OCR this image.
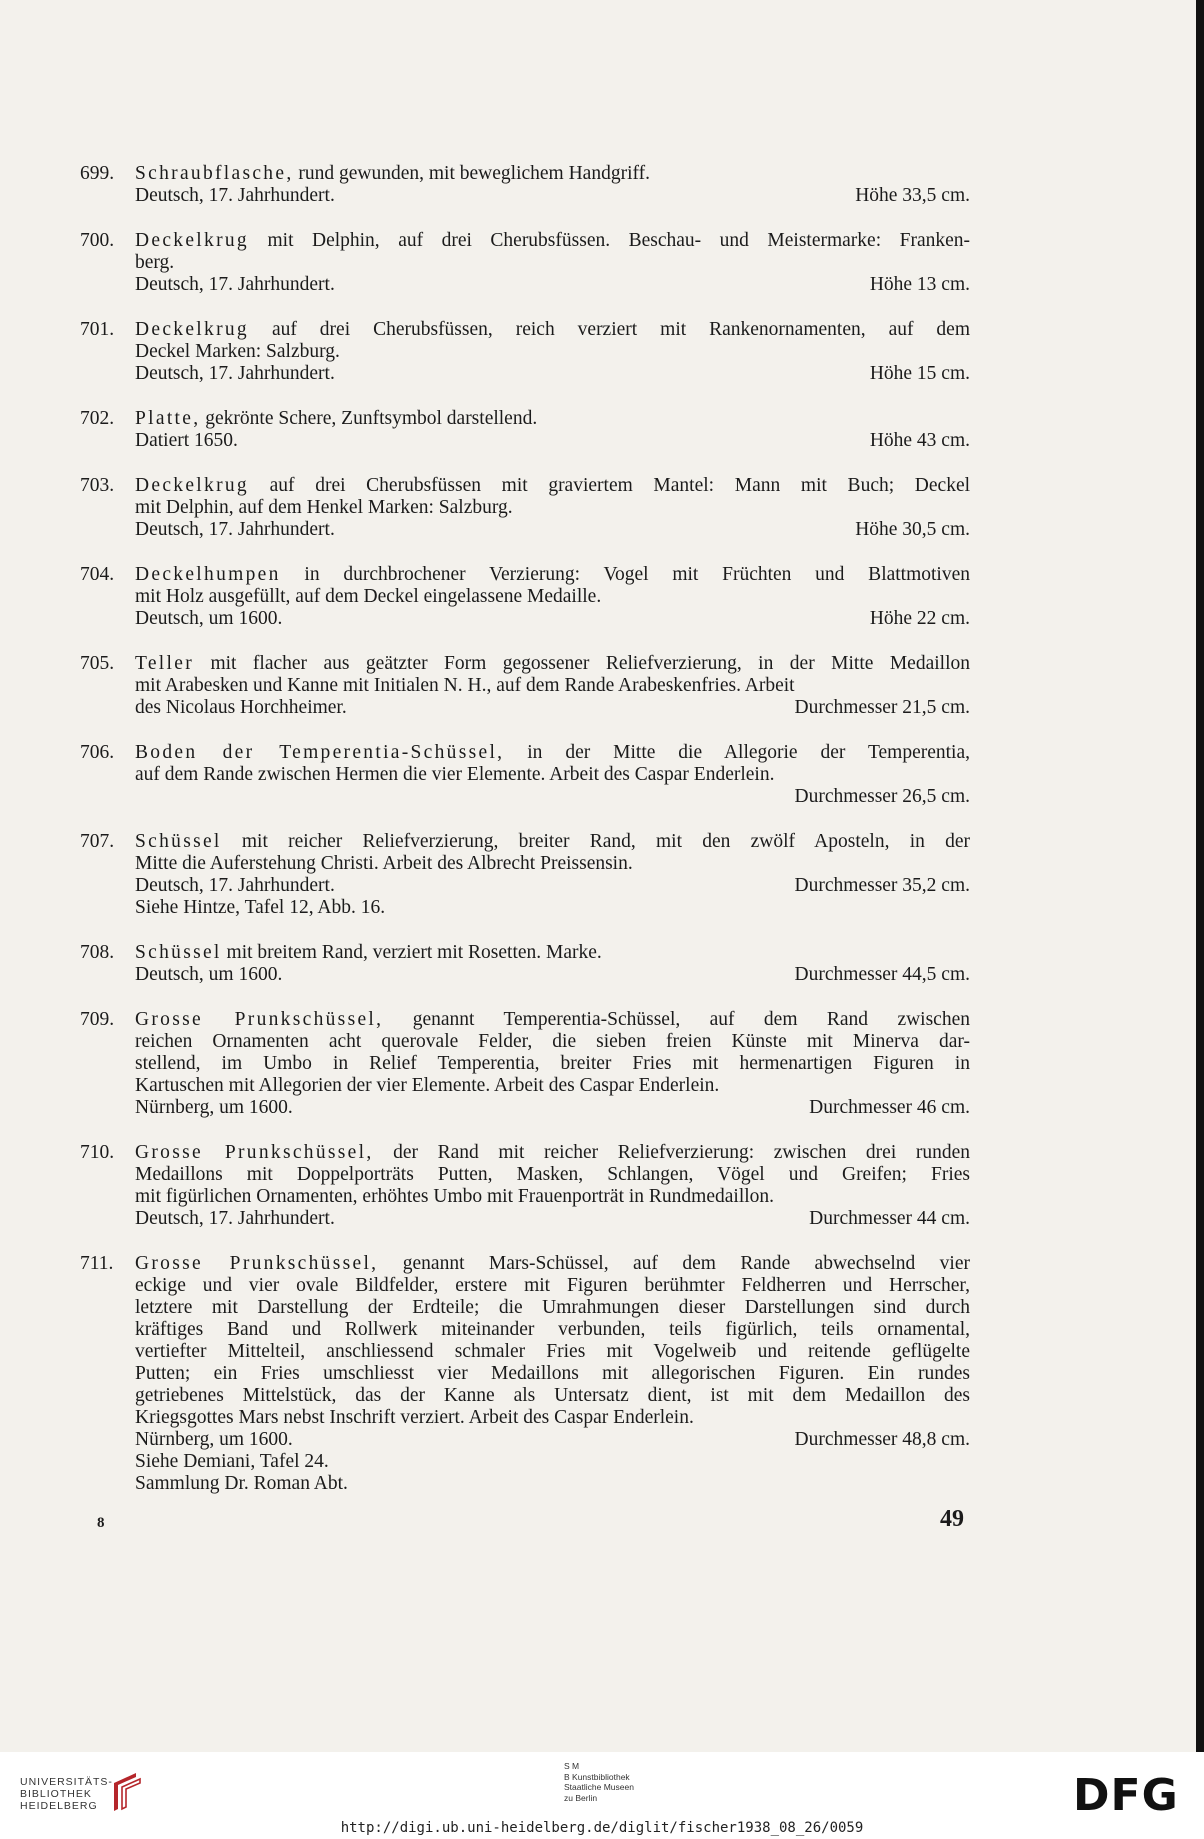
699.	Schraubflasche, rund gewunden, mit beweglichem Handgriff.
Deutsch, 17. Jahrhundert.	Höhe 33,5 cm.
700.	Deckelkrug mit Delphin, auf drei Cherubsfüssen. Beschau- und Meistermarke: Franken-
berg.
Deutsch, 17. Jahrhundert.	Höhe 13 cm.
701.	Deckelkrug auf drei Cherubsfüssen, reich verziert mit Rankenornamenten, auf dem
Deckel Marken: Salzburg.
Deutsch, 17. Jahrhundert.	Höhe 15 cm.
702.	Platte, gekrönte Schere, Zunftsymbol darstellend.
Datiert 1650.	Höhe 43 cm.
703.	Deckelkrug auf drei Cherubsfüssen mit graviertem Mantel: Mann mit Buch; Deckel
mit Delphin, auf dem Henkel Marken: Salzburg.
Deutsch, 17. Jahrhundert.	Höhe 30,5 cm.
704.	Deckelhumpen in durchbrochener Verzierung: Vogel mit Früchten und Blattmotiven
mit Holz ausgefüllt, auf dem Deckel eingelassene Medaille.
Deutsch, um 1600.	Höhe 22 cm.
705.	Teller mit flacher aus geätzter Form gegossener Reliefverzierung, in der Mitte Medaillon
mit Arabesken und Kanne mit Initialen N. H., auf dem Rande Arabeskenfries. Arbeit
des Nicolaus Horchheimer.	Durchmesser 21,5 cm.
706.	Boden der Temperentia-Schüssel, in der Mitte die Allegorie der Temperentia,
auf dem Rande zwischen Hermen die vier Elemente. Arbeit des Caspar Enderlein.
Durchmesser 26,5 cm.
707.	Schüssel mit reicher Reliefverzierung, breiter Rand, mit den zwölf Aposteln, in der
Mitte die Auferstehung Christi. Arbeit des Albrecht Preissensin.
Deutsch, 17. Jahrhundert.	Durchmesser 35,2 cm.
Siehe Hintze, Tafel 12, Abb. 16.
708.	Schüssel mit breitem Rand, verziert mit Rosetten. Marke.
Deutsch, um 1600.	Durchmesser 44,5 cm.
709.	Grosse Prunkschüssel, genannt Temperentia-Schüssel, auf dem Rand zwischen
reichen Ornamenten acht querovale Felder, die sieben freien Künste mit Minerva dar-
stellend, im Umbo in Relief Temperentia, breiter Fries mit hermenartigen Figuren in
Kartuschen mit Allegorien der vier Elemente. Arbeit des Caspar Enderlein.
Nürnberg, um 1600.	Durchmesser 46 cm.
710.	Grosse Prunkschüssel, der Rand mit reicher Reliefverzierung: zwischen drei runden
Medaillons mit Doppelporträts Putten, Masken, Schlangen, Vögel und Greifen; Fries
mit figürlichen Ornamenten, erhöhtes Umbo mit Frauenporträt in Rundmedaillon.
Deutsch, 17. Jahrhundert.	Durchmesser 44 cm.
711.	Grosse Prunkschüssel, genannt Mars-Schüssel, auf dem Rande abwechselnd vier
eckige und vier ovale Bildfelder, erstere mit Figuren berühmter Feldherren und Herrscher,
letztere mit Darstellung der Erdteile; die Umrahmungen dieser Darstellungen sind durch
kräftiges Band und Rollwerk miteinander verbunden, teils figürlich, teils ornamental,
vertiefter Mittelteil, anschliessend schmaler Fries mit Vogelweib und reitende geflügelte
Putten; ein Fries umschliesst vier Medaillons mit allegorischen Figuren. Ein rundes
getriebenes Mittelstück, das der Kanne als Untersatz dient, ist mit dem Medaillon des
Kriegsgottes Mars nebst Inschrift verziert. Arbeit des Caspar Enderlein.
Nürnberg, um 1600.	Durchmesser 48,8 cm.
Siehe Demiani, Tafel 24.
Sammlung Dr. Roman Abt.
8	49
UNIVERSITÄTS-
BIBLIOTHEK
HEIDELBERG
S M
B Kunstbibliothek
Staatliche Museen
zu Berlin	DFG
http://digi.ub.uni-heidelberg.de/diglit/fischer1938_08_26/0059
